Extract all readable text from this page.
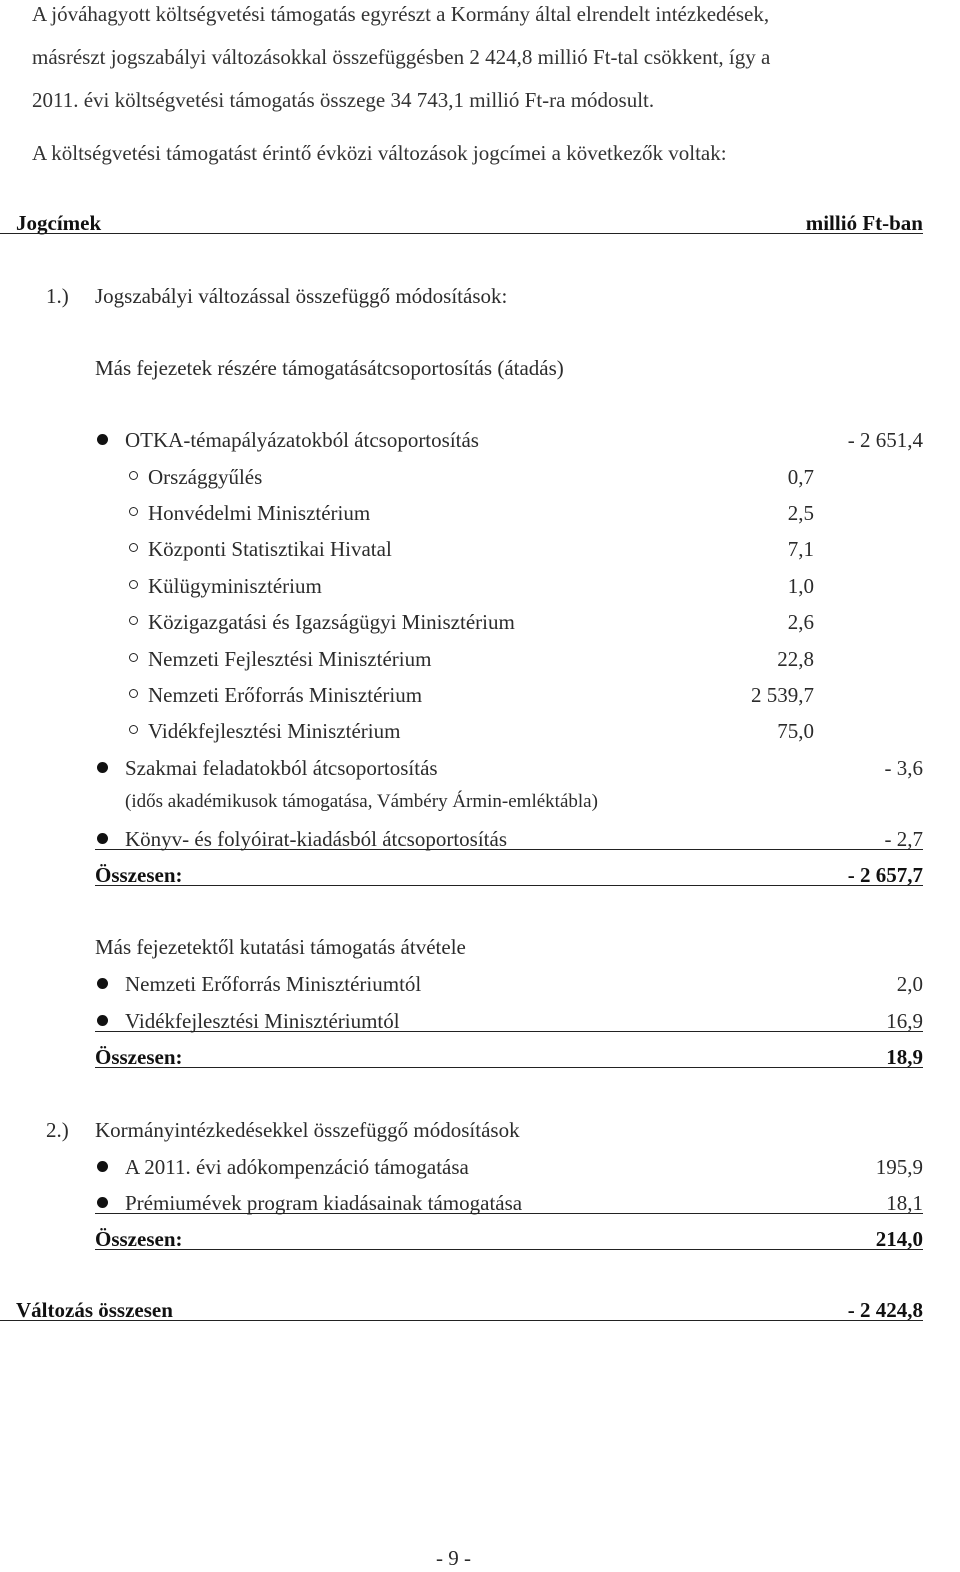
A jóváhagyott költségvetési támogatás egyrészt a Kormány által elrendelt intézkedések,
másrészt jogszabályi változásokkal összefüggésben 2 424,8 millió Ft-tal csökkent, így a
2011. évi költségvetési támogatás összege 34 743,1 millió Ft-ra módosult.
A költségvetési támogatást érintő évközi változások jogcímei a következők voltak:
Jogcímek	millió Ft-ban
1.) Jogszabályi változással összefüggő módosítások:
Más fejezetek részére támogatásátcsoportosítás (átadás)
OTKA-témapályázatokból átcsoportosítás	- 2 651,4
Országgyűlés	0,7
Honvédelmi Minisztérium	2,5
Központi Statisztikai Hivatal	7,1
Külügyminisztérium	1,0
Közigazgatási és Igazságügyi Minisztérium	2,6
Nemzeti Fejlesztési Minisztérium	22,8
Nemzeti Erőforrás Minisztérium	2 539,7
Vidékfejlesztési Minisztérium	75,0
Szakmai feladatokból átcsoportosítás	- 3,6
(idős akadémikusok támogatása, Vámbéry Ármin-emléktábla)
Könyv- és folyóirat-kiadásból átcsoportosítás	- 2,7
Összesen:	- 2 657,7
Más fejezetektől kutatási támogatás átvétele
Nemzeti Erőforrás Minisztériumtól	2,0
Vidékfejlesztési Minisztériumtól	16,9
Összesen:	18,9
2.) Kormányintézkedésekkel összefüggő módosítások
A 2011. évi adókompenzáció támogatása	195,9
Prémiumévek program kiadásainak támogatása	18,1
Összesen:	214,0
Változás összesen	- 2 424,8
- 9 -
